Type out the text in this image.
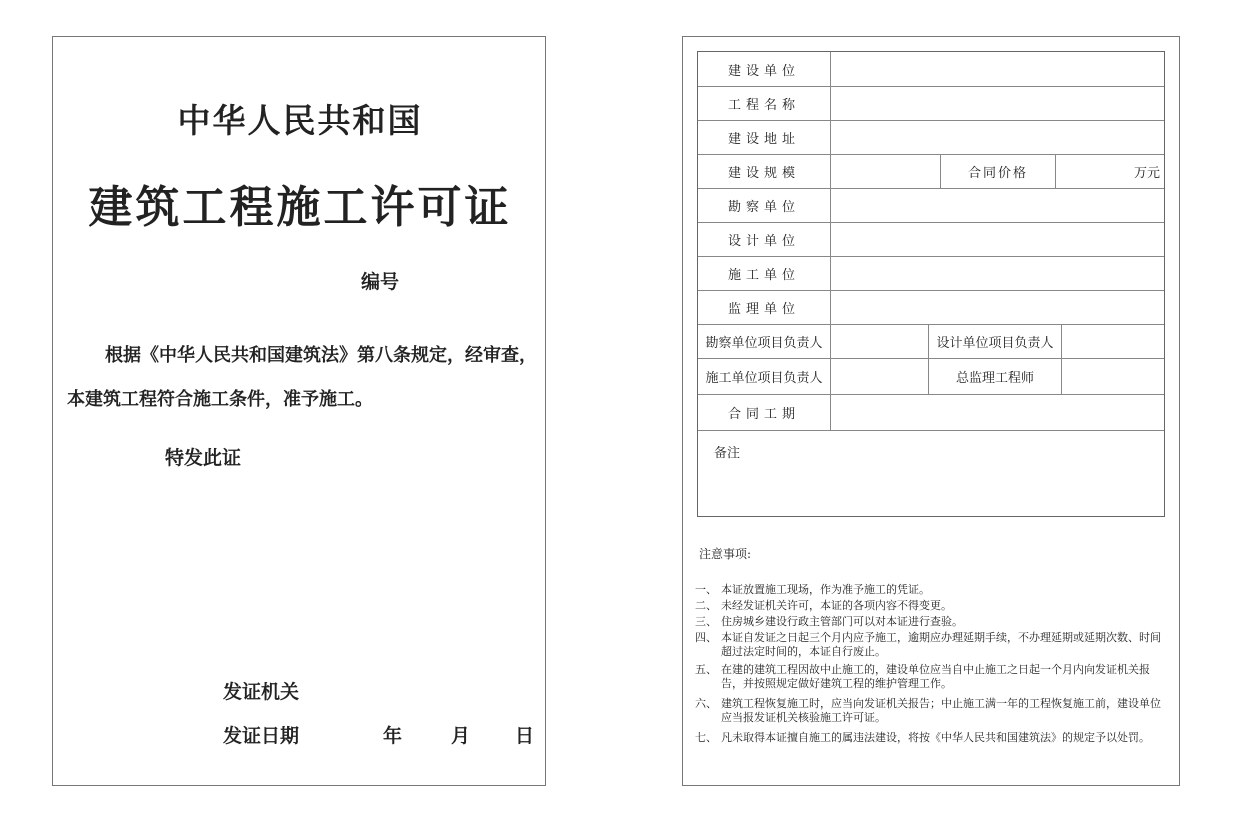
中华人民共和国
建筑工程施工许可证
编号
根据《中华人民共和国建筑法》第八条规定，经审查，
本建筑工程符合施工条件，准予施工。
特发此证
发证机关
发证日期	年	月 日
建设单位
工程名称
建设地址
建设规模	合同价格	万元
勘察单位
设计单位
施工单位
监理单位
勘察单位项目负责人	设计单位项目负责人
施工单位项目负责人	总监理工程师
合同工期
备注
注意事项:
一、 本证放置施工现场，作为准予施工的凭证。
二、 未经发证机关许可，本证的各项内容不得变更。
三、 住房城乡建设行政主管部门可以对本证进行查验。
四、 本证自发证之日起三个月内应予施工，逾期应办理延期手续，不办理延期或延期次数、时间超过法定时间的，本证自行废止。
五、 在建的建筑工程因故中止施工的，建设单位应当自中止施工之日起一个月内向发证机关报告，并按照规定做好建筑工程的维护管理工作。
六、 建筑工程恢复施工时，应当向发证机关报告；中止施工满一年的工程恢复施工前，建设单位应当报发证机关核验施工许可证。
七、 凡未取得本证擅自施工的属违法建设，将按《中华人民共和国建筑法》的规定予以处罚。
